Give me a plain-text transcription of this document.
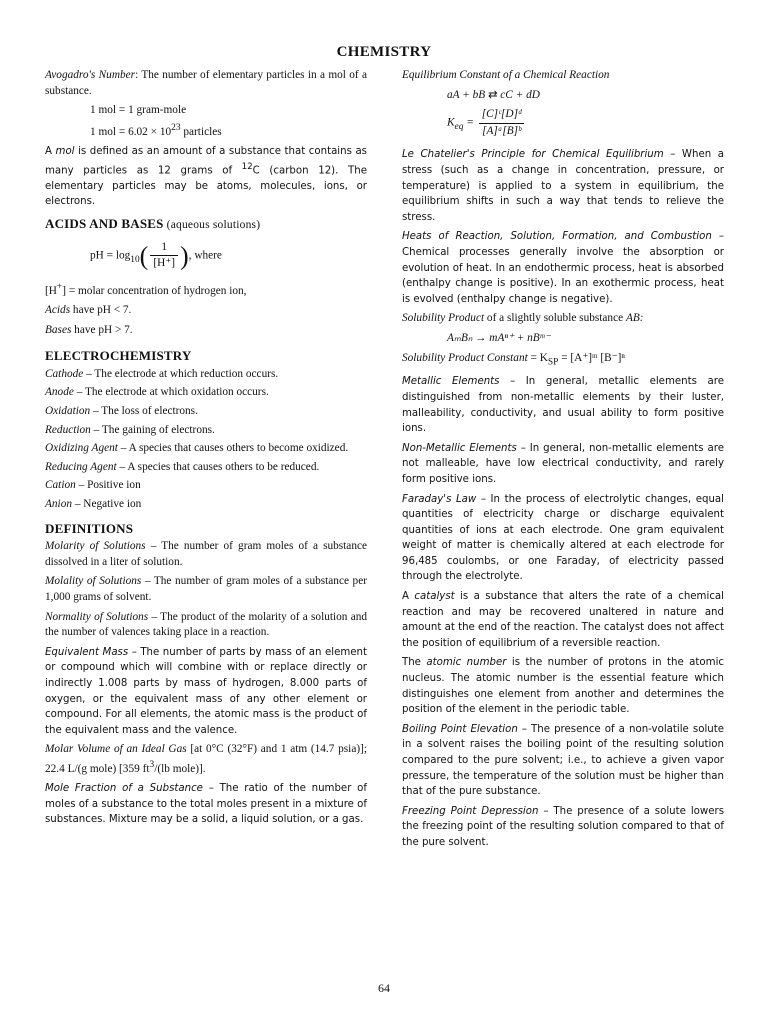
CHEMISTRY

Avogadro's Number: The number of elementary particles in a mol of a substance.

1 mol = 1 gram-mole
1 mol = $6.02 \times 10^{23}$ particles

A mol is defined as an amount of a substance that contains as many particles as 12 grams of $^{12}$C (carbon 12). The elementary particles may be atoms, molecules, ions, or electrons.

ACIDS AND BASES (aqueous solutions)
pH = $\log_{10}( \frac{1}{[H^+]}$ ), where

[H+] = molar concentration of hydrogen ion,

Acids have pH < 7.

Bases have pH > 7.

ELECTROCHEMISTRY

Cathode – The electrode at which reduction occurs.

Anode – The electrode at which oxidation occurs.

Oxidation – The loss of electrons.

Reduction – The gaining of electrons.

Oxidizing Agent – A species that causes others to become oxidized.

Reducing Agent – A species that causes others to be reduced.

Cation – Positive ion

Anion – Negative ion

DEFINITIONS

Molarity of Solutions – The number of gram moles of a substance dissolved in a liter of solution.

Molality of Solutions – The number of gram moles of a substance per 1,000 grams of solvent.

Normality of Solutions – The product of the molarity of a solution and the number of valences taking place in a reaction.

Equivalent Mass – The number of parts by mass of an element or compound which will combine with or replace directly or indirectly 1.008 parts by mass of hydrogen, 8.000 parts of oxygen, or the equivalent mass of any other element or compound. For all elements, the atomic mass is the product of the equivalent mass and the valence.

Molar Volume of an Ideal Gas [at 0°C (32°F) and 1 atm (14.7 psia)]; 22.4 L/(g mole) [359 $ft^3/(lb$ mole)].

Mole Fraction of a Substance – The ratio of the number of moles of a substance to the total moles present in a mixture of substances. Mixture may be a solid, a liquid solution, or a gas.

Equilibrium Constant of a Chemical Reaction

aA + bB ⇄ cC + dD
$K_{eq} = \frac{\text{[C]ᶜ[D]ᵈ}}{\text{[A]ᵃ[B]ᵇ}}$

Le Chatelier's Principle for Chemical Equilibrium – When a stress (such as a change in concentration, pressure, or temperature) is applied to a system in equilibrium, the equilibrium shifts in such a way that tends to relieve the stress.

Heats of Reaction, Solution, Formation, and Combustion – Chemical processes generally involve the absorption or evolution of heat. In an endothermic process, heat is absorbed (enthalpy change is positive). In an exothermic process, heat is evolved (enthalpy change is negative).

Solubility Product of a slightly soluble substance AB:

AₘBₙ → mAⁿ⁺ + nBᵐ⁻

Solubility Product Constant = $K_{SP}$ = [A⁺]ᵐ [B⁻]ⁿ

Metallic Elements – In general, metallic elements are distinguished from non-metallic elements by their luster, malleability, conductivity, and usual ability to form positive ions.

Non-Metallic Elements – In general, non-metallic elements are not malleable, have low electrical conductivity, and rarely form positive ions.

Faraday's Law – In the process of electrolytic changes, equal quantities of electricity charge or discharge equivalent quantities of ions at each electrode. One gram equivalent weight of matter is chemically altered at each electrode for 96,485 coulombs, or one Faraday, of electricity passed through the electrolyte.

A catalyst is a substance that alters the rate of a chemical reaction and may be recovered unaltered in nature and amount at the end of the reaction. The catalyst does not affect the position of equilibrium of a reversible reaction.

The atomic number is the number of protons in the atomic nucleus. The atomic number is the essential feature which distinguishes one element from another and determines the position of the element in the periodic table.

Boiling Point Elevation – The presence of a non-volatile solute in a solvent raises the boiling point of the resulting solution compared to the pure solvent; i.e., to achieve a given vapor pressure, the temperature of the solution must be higher than that of the pure substance.

Freezing Point Depression – The presence of a solute lowers the freezing point of the resulting solution compared to that of the pure solvent.

64
